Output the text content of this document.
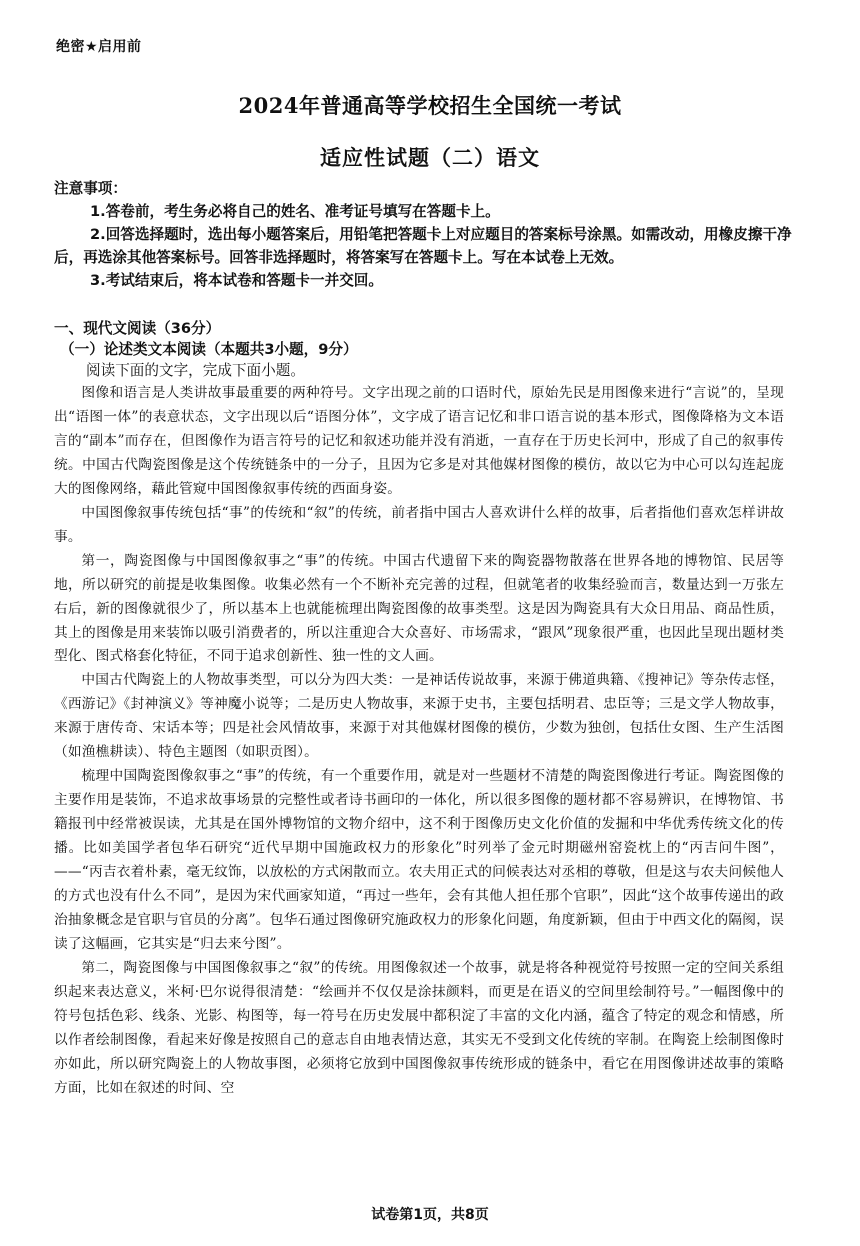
绝密★启用前
2024年普通高等学校招生全国统一考试
适应性试题（二）语文

注意事项：

1.答卷前，考生务必将自己的姓名、准考证号填写在答题卡上。

2.回答选择题时，选出每小题答案后，用铅笔把答题卡上对应题目的答案标号涂黑。如需改动，用橡皮擦干净后，再选涂其他答案标号。回答非选择题时，将答案写在答题卡上。写在本试卷上无效。

3.考试结束后，将本试卷和答题卡一并交回。

一、现代文阅读（36分）

（一）论述类文本阅读（本题共3小题，9分）

阅读下面的文字，完成下面小题。

图像和语言是人类讲故事最重要的两种符号。文字出现之前的口语时代，原始先民是用图像来进行“言说”的，呈现出“语图一体”的表意状态，文字出现以后“语图分体”，文字成了语言记忆和非口语言说的基本形式，图像降格为文本语言的“副本”而存在，但图像作为语言符号的记忆和叙述功能并没有消逝，一直存在于历史长河中，形成了自己的叙事传统。中国古代陶瓷图像是这个传统链条中的一分子，且因为它多是对其他媒材图像的模仿，故以它为中心可以勾连起庞大的图像网络，藉此管窥中国图像叙事传统的西面身姿。

中国图像叙事传统包括“事”的传统和“叙”的传统，前者指中国古人喜欢讲什么样的故事，后者指他们喜欢怎样讲故事。

第一，陶瓷图像与中国图像叙事之“事”的传统。中国古代遗留下来的陶瓷器物散落在世界各地的博物馆、民居等地，所以研究的前提是收集图像。收集必然有一个不断补充完善的过程，但就笔者的收集经验而言，数量达到一万张左右后，新的图像就很少了，所以基本上也就能梳理出陶瓷图像的故事类型。这是因为陶瓷具有大众日用品、商品性质，其上的图像是用来装饰以吸引消费者的，所以注重迎合大众喜好、市场需求，“跟风”现象很严重，也因此呈现出题材类型化、图式格套化特征，不同于追求创新性、独一性的文人画。

中国古代陶瓷上的人物故事类型，可以分为四大类：一是神话传说故事，来源于佛道典籍、《搜神记》等杂传志怪，《西游记》《封神演义》等神魔小说等；二是历史人物故事，来源于史书，主要包括明君、忠臣等；三是文学人物故事，来源于唐传奇、宋话本等；四是社会风情故事，来源于对其他媒材图像的模仿，少数为独创，包括仕女图、生产生活图（如渔樵耕读）、特色主题图（如职贡图）。

梳理中国陶瓷图像叙事之“事”的传统，有一个重要作用，就是对一些题材不清楚的陶瓷图像进行考证。陶瓷图像的主要作用是装饰，不追求故事场景的完整性或者诗书画印的一体化，所以很多图像的题材都不容易辨识，在博物馆、书籍报刊中经常被误读，尤其是在国外博物馆的文物介绍中，这不利于图像历史文化价值的发掘和中华优秀传统文化的传播。比如美国学者包华石研究“近代早期中国施政权力的形象化”时列举了金元时期磁州窑瓷枕上的“丙吉问牛图”，——“丙吉衣着朴素，毫无纹饰，以放松的方式闲散而立。农夫用正式的问候表达对丞相的尊敬，但是这与农夫问候他人的方式也没有什么不同”，是因为宋代画家知道，“再过一些年，会有其他人担任那个官职”，因此“这个故事传递出的政治抽象概念是官职与官员的分离”。包华石通过图像研究施政权力的形象化问题，角度新颖，但由于中西文化的隔阂，误读了这幅画，它其实是“归去来兮图”。

第二，陶瓷图像与中国图像叙事之“叙”的传统。用图像叙述一个故事，就是将各种视觉符号按照一定的空间关系组织起来表达意义，米柯·巴尔说得很清楚：“绘画并不仅仅是涂抹颜料，而更是在语义的空间里绘制符号。”一幅图像中的符号包括色彩、线条、光影、构图等，每一符号在历史发展中都积淀了丰富的文化内涵，蕴含了特定的观念和情感，所以作者绘制图像，看起来好像是按照自己的意志自由地表情达意，其实无不受到文化传统的宰制。在陶瓷上绘制图像时亦如此，所以研究陶瓷上的人物故事图，必须将它放到中国图像叙事传统形成的链条中，看它在用图像讲述故事的策略方面，比如在叙述的时间、空

试卷第1页，共8页
